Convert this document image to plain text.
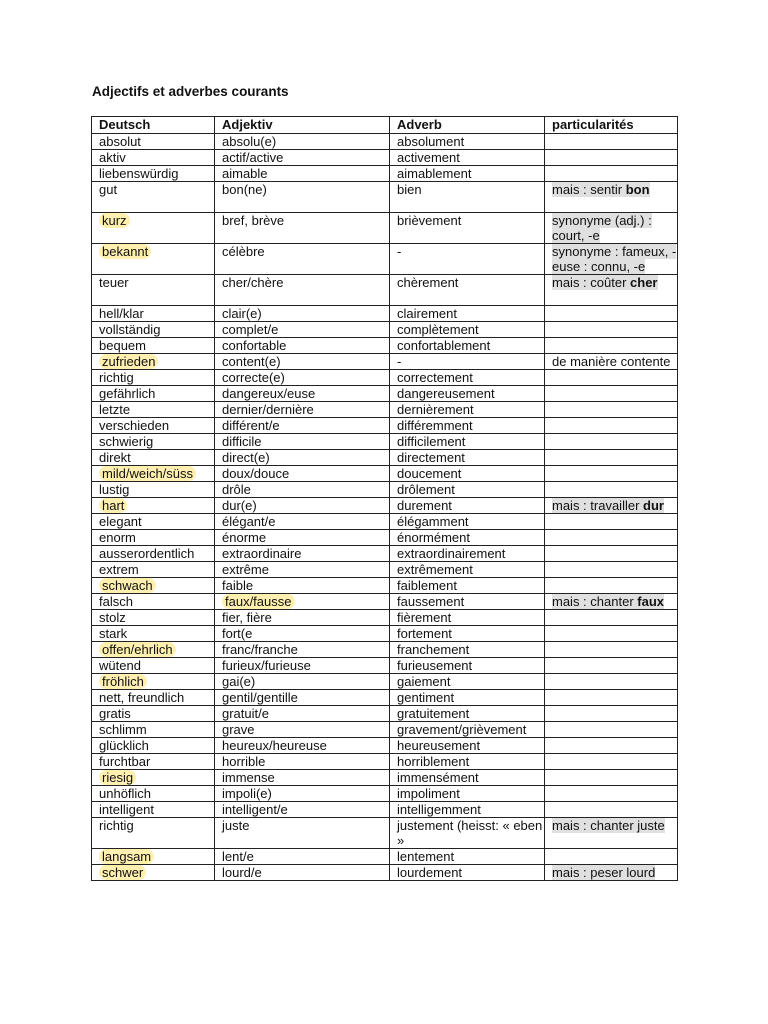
Adjectifs et adverbes courants
Deutsch	Adjektiv	Adverb	particularités
absolut	absolu(e)	absolument	
aktiv	actif/active	activement	
liebenswürdig	aimable	aimablement	
gut	bon(ne)	bien	mais : sentir bon
kurz	bref, brève	brièvement	synonyme (adj.) : court, -e
bekannt	célèbre	-	synonyme : fameux, -euse : connu, -e
teuer	cher/chère	chèrement	mais : coûter cher
hell/klar	clair(e)	clairement	
vollständig	complet/e	complètement	
bequem	confortable	confortablement	
zufrieden	content(e)	-	de manière contente
richtig	correcte(e)	correctement	
gefährlich	dangereux/euse	dangereusement	
letzte	dernier/dernière	dernièrement	
verschieden	différent/e	différemment	
schwierig	difficile	difficilement	
direkt	direct(e)	directement	
mild/weich/süss	doux/douce	doucement	
lustig	drôle	drôlement	
hart	dur(e)	durement	mais : travailler dur
elegant	élégant/e	élégamment	
enorm	énorme	énormément	
ausserordentlich	extraordinaire	extraordinairement	
extrem	extrême	extrêmement	
schwach	faible	faiblement	
falsch	faux/fausse	faussement	mais : chanter faux
stolz	fier, fière	fièrement	
stark	fort(e	fortement	
offen/ehrlich	franc/franche	franchement	
wütend	furieux/furieuse	furieusement	
fröhlich	gai(e)	gaiement	
nett, freundlich	gentil/gentille	gentiment	
gratis	gratuit/e	gratuitement	
schlimm	grave	gravement/grièvement	
glücklich	heureux/heureuse	heureusement	
furchtbar	horrible	horriblement	
riesig	immense	immensément	
unhöflich	impoli(e)	impoliment	
intelligent	intelligent/e	intelligemment	
richtig	juste	justement (heisst: « eben »	mais : chanter juste
langsam	lent/e	lentement	
schwer	lourd/e	lourdement	mais : peser lourd
